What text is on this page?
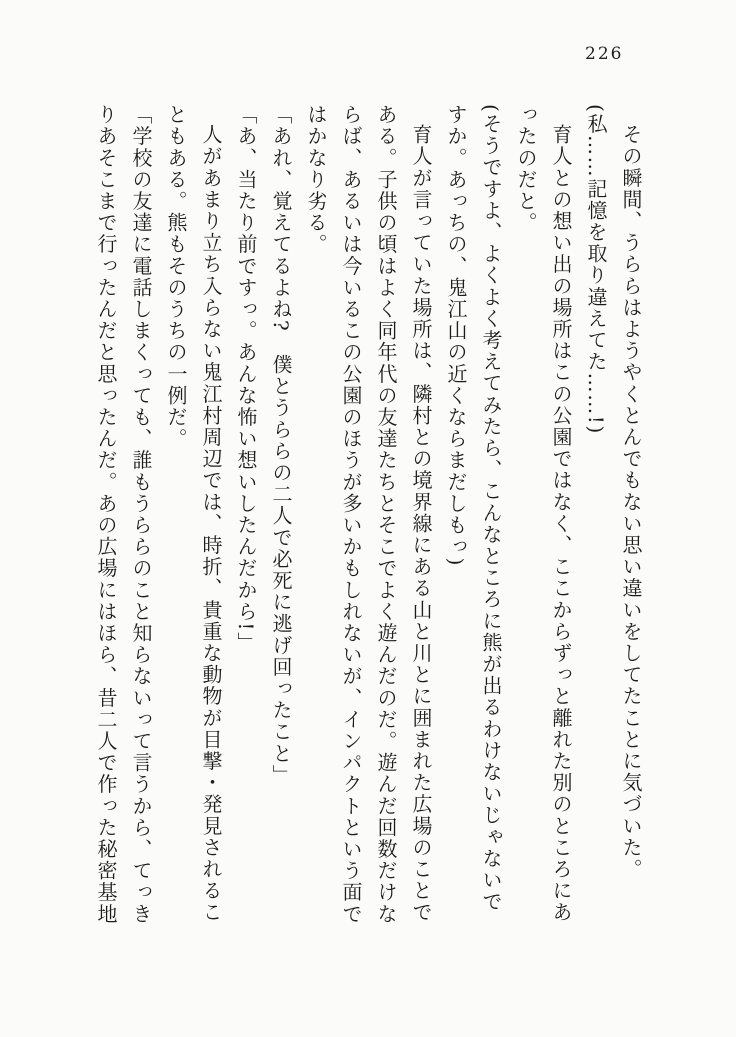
226

その瞬間、うららはようやくとんでもない思い違いをしてたことに気づいた。

(私……記憶を取り違えてた……!)

育人との想い出の場所はこの公園ではなく、ここからずっと離れた別のところにあったのだと。

(そうですよ、よくよく考えてみたら、こんなところに熊が出るわけないじゃないですか。あっちの、鬼江山の近くならまだしもっ)

育人が言っていた場所は、隣村との境界線にある山と川とに囲まれた広場のことである。子供の頃はよく同年代の友達たちとそこでよく遊んだのだ。遊んだ回数だけならば、あるいは今いるこの公園のほうが多いかもしれないが、インパクトという面ではかなり劣る。

「あれ、覚えてるよね?　僕とうららの二人で必死に逃げ回ったこと」

「あ、当たり前ですっ。あんな怖い想いしたんだから!」

人があまり立ち入らない鬼江村周辺では、時折、貴重な動物が目撃・発見されることもある。熊もそのうちの一例だ。

「学校の友達に電話しまくっても、誰もうららのこと知らないって言うから、てっきりあそこまで行ったんだと思ったんだ。あの広場にはほら、昔二人で作った秘密基地
